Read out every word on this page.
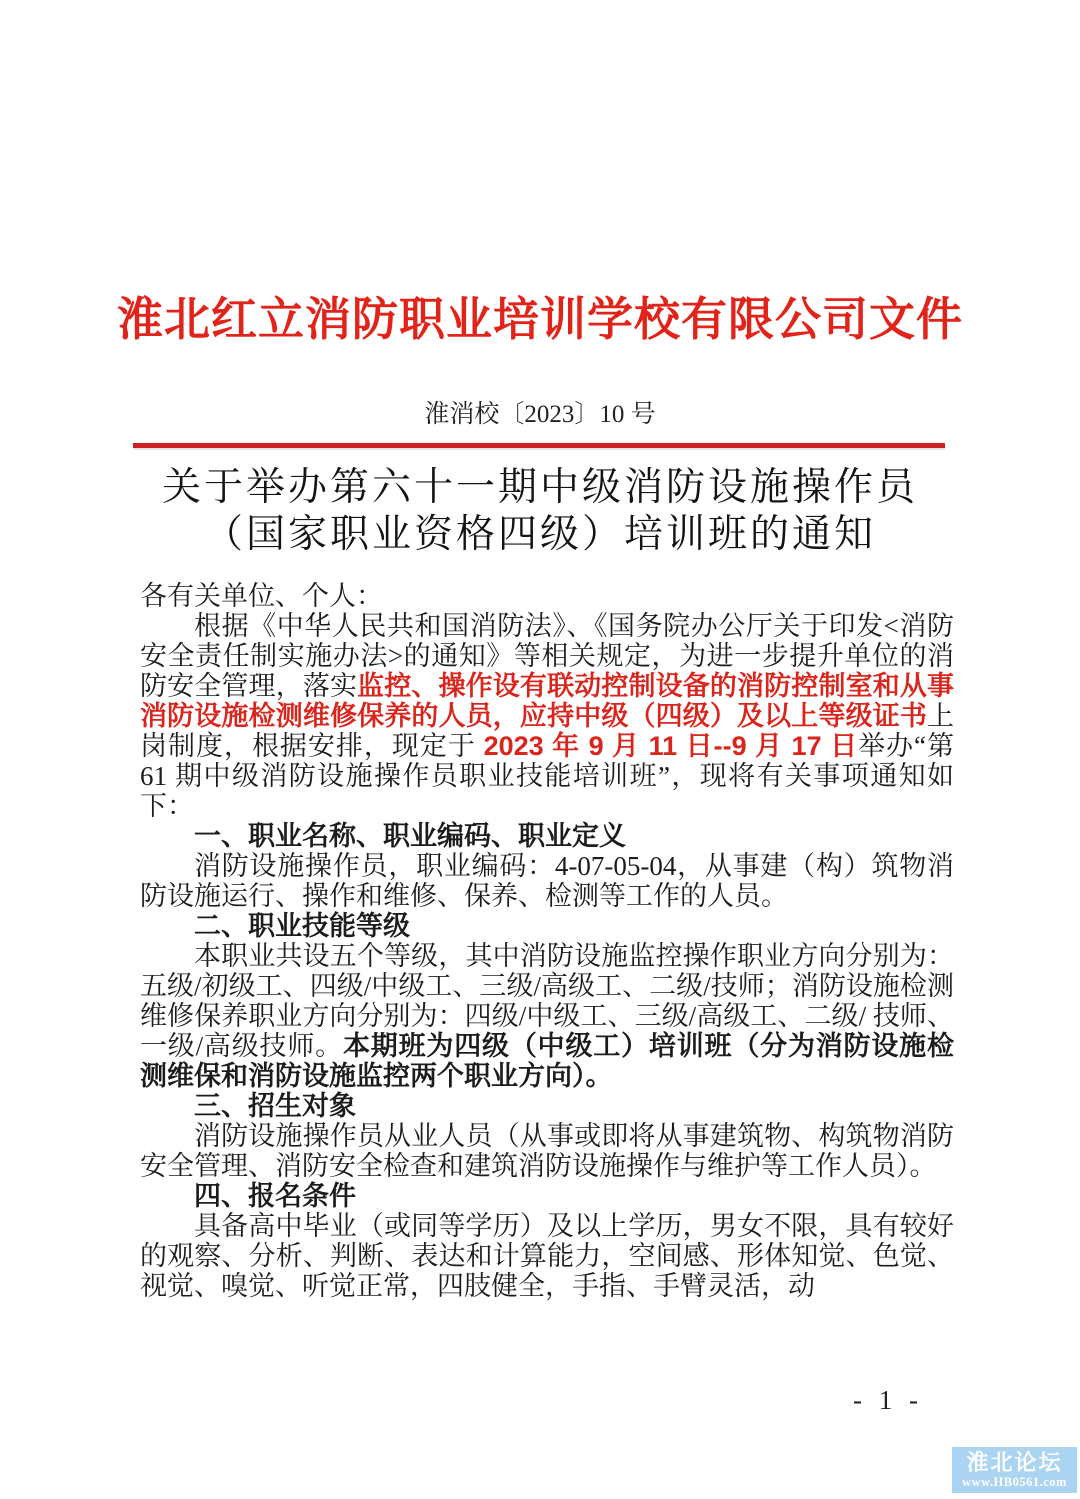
淮北红立消防职业培训学校有限公司文件
淮消校〔2023〕10 号
关于举办第六十一期中级消防设施操作员
（国家职业资格四级）培训班的通知

各有关单位、个人：

根据《中华人民共和国消防法》、《国务院办公厅关于印发<消防安全责任制实施办法>的通知》等相关规定，为进一步提升单位的消防安全管理，落实监控、操作设有联动控制设备的消防控制室和从事消防设施检测维修保养的人员，应持中级（四级）及以上等级证书上岗制度，根据安排，现定于 2023 年 9 月 11 日--9 月 17 日举办“第 61 期中级消防设施操作员职业技能培训班”，现将有关事项通知如下：

一、职业名称、职业编码、职业定义

消防设施操作员，职业编码：4-07-05-04，从事建（构）筑物消防设施运行、操作和维修、保养、检测等工作的人员。

二、职业技能等级

本职业共设五个等级，其中消防设施监控操作职业方向分别为：五级/初级工、四级/中级工、三级/高级工、二级/技师；消防设施检测维修保养职业方向分别为：四级/中级工、三级/高级工、二级/ 技师、一级/高级技师。本期班为四级（中级工）培训班（分为消防设施检测维保和消防设施监控两个职业方向）。

三、招生对象

消防设施操作员从业人员（从事或即将从事建筑物、构筑物消防安全管理、消防安全检查和建筑消防设施操作与维护等工作人员）。

四、报名条件

具备高中毕业（或同等学历）及以上学历，男女不限，具有较好的观察、分析、判断、表达和计算能力，空间感、形体知觉、色觉、视觉、嗅觉、听觉正常，四肢健全，手指、手臂灵活，动

- 1 -
淮北论坛
www.HB0561.com
